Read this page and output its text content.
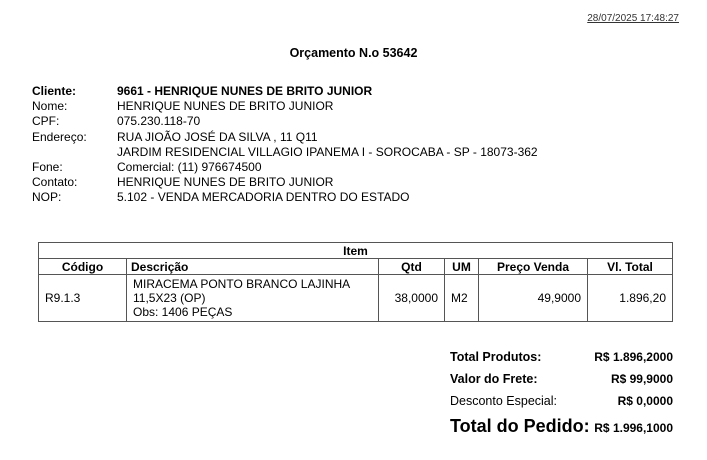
28/07/2025 17:48:27
Orçamento N.o 53642
Cliente:	9661 - HENRIQUE NUNES DE BRITO JUNIOR
Nome:	HENRIQUE NUNES DE BRITO JUNIOR
CPF:	075.230.118-70
Endereço:	RUA JIOÃO JOSÉ DA SILVA , 11 Q11
	JARDIM RESIDENCIAL VILLAGIO IPANEMA I - SOROCABA - SP - 18073-362
Fone:	Comercial: (11) 976674500
Contato:	HENRIQUE NUNES DE BRITO JUNIOR
NOP:	5.102 - VENDA MERCADORIA DENTRO DO ESTADO
Item					
Código	Descrição	Qtd	UM	Preço Venda	Vl. Total
R9.1.3	MIRACEMA PONTO BRANCO LAJINHA
11,5X23 (OP)
Obs: 1406 PEÇAS	38,0000	M2	49,9000	1.896,20
Total Produtos:	R$ 1.896,2000
Valor do Frete:	R$ 99,9000
Desconto Especial:	R$ 0,0000
Total do Pedido: R$ 1.996,1000
